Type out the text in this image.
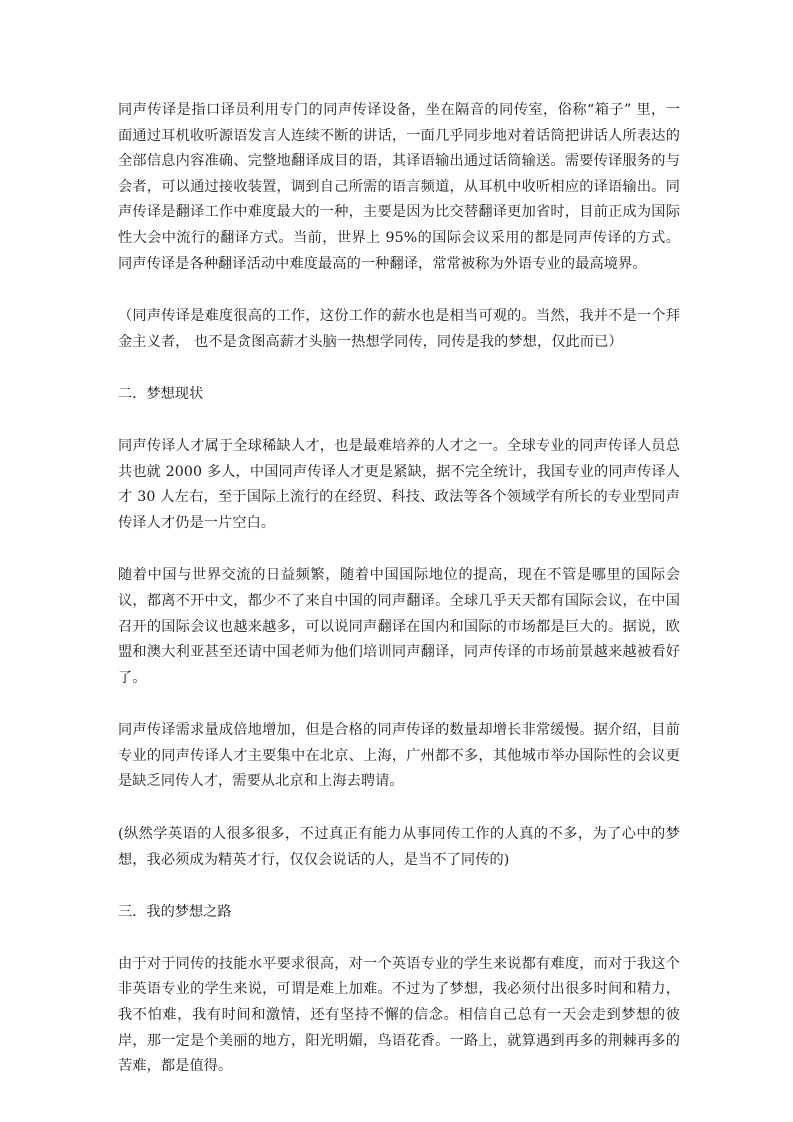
同声传译是指口译员利用专门的同声传译设备，坐在隔音的同传室，俗称“箱子” 里，一面通过耳机收听源语发言人连续不断的讲话，一面几乎同步地对着话筒把讲话人所表达的全部信息内容准确、完整地翻译成目的语，其译语输出通过话筒输送。需要传译服务的与会者，可以通过接收装置，调到自己所需的语言频道，从耳机中收听相应的译语输出。同声传译是翻译工作中难度最大的一种，主要是因为比交替翻译更加省时，目前正成为国际性大会中流行的翻译方式。当前，世界上 95%的国际会议采用的都是同声传译的方式。同声传译是各种翻译活动中难度最高的一种翻译，常常被称为外语专业的最高境界。

（同声传译是难度很高的工作，这份工作的薪水也是相当可观的。当然，我并不是一个拜金主义者， 也不是贪图高薪才头脑一热想学同传，同传是我的梦想，仅此而已）

二．梦想现状

同声传译人才属于全球稀缺人才，也是最难培养的人才之一。全球专业的同声传译人员总共也就 2000 多人，中国同声传译人才更是紧缺，据不完全统计，我国专业的同声传译人才 30 人左右，至于国际上流行的在经贸、科技、政法等各个领域学有所长的专业型同声传译人才仍是一片空白。

随着中国与世界交流的日益频繁，随着中国国际地位的提高，现在不管是哪里的国际会议，都离不开中文，都少不了来自中国的同声翻译。全球几乎天天都有国际会议，在中国召开的国际会议也越来越多，可以说同声翻译在国内和国际的市场都是巨大的。据说，欧盟和澳大利亚甚至还请中国老师为他们培训同声翻译，同声传译的市场前景越来越被看好了。

同声传译需求量成倍地增加，但是合格的同声传译的数量却增长非常缓慢。据介绍，目前专业的同声传译人才主要集中在北京、上海，广州都不多，其他城市举办国际性的会议更是缺乏同传人才，需要从北京和上海去聘请。

(纵然学英语的人很多很多，不过真正有能力从事同传工作的人真的不多，为了心中的梦想，我必须成为精英才行，仅仅会说话的人，是当不了同传的)

三．我的梦想之路

由于对于同传的技能水平要求很高，对一个英语专业的学生来说都有难度，而对于我这个非英语专业的学生来说，可谓是难上加难。不过为了梦想，我必须付出很多时间和精力，我不怕难，我有时间和激情，还有坚持不懈的信念。相信自己总有一天会走到梦想的彼岸，那一定是个美丽的地方，阳光明媚，鸟语花香。一路上，就算遇到再多的荆棘再多的苦难，都是值得。
